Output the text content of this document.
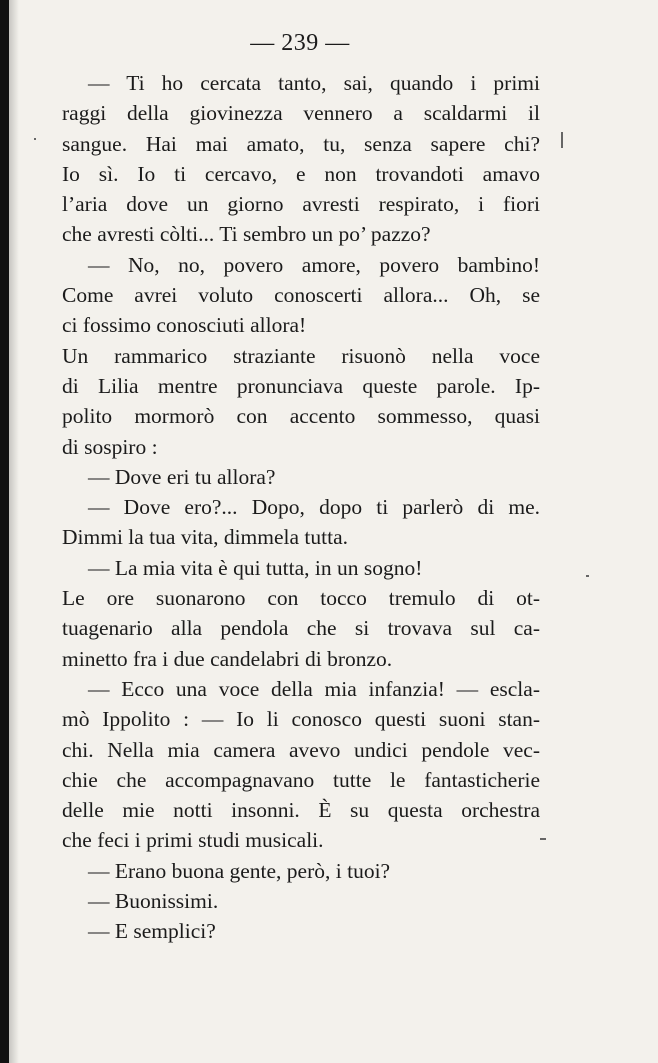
— 239 —
— Ti ho cercata tanto, sai, quando i primi
raggi della giovinezza vennero a scaldarmi il
sangue. Hai mai amato, tu, senza sapere chi?
Io sì. Io ti cercavo, e non trovandoti amavo
l’aria dove un giorno avresti respirato, i fiori
che avresti còlti... Ti sembro un po’ pazzo?
— No, no, povero amore, povero bambino!
Come avrei voluto conoscerti allora... Oh, se
ci fossimo conosciuti allora!
Un rammarico straziante risuonò nella voce
di Lilia mentre pronunciava queste parole. Ip-
polito mormorò con accento sommesso, quasi
di sospiro :
— Dove eri tu allora?
— Dove ero?... Dopo, dopo ti parlerò di me.
Dimmi la tua vita, dimmela tutta.
— La mia vita è qui tutta, in un sogno!
Le ore suonarono con tocco tremulo di ot-
tuagenario alla pendola che si trovava sul ca-
minetto fra i due candelabri di bronzo.
— Ecco una voce della mia infanzia! — escla-
mò Ippolito : — Io li conosco questi suoni stan-
chi. Nella mia camera avevo undici pendole vec-
chie che accompagnavano tutte le fantasticherie
delle mie notti insonni. È su questa orchestra
che feci i primi studi musicali.
— Erano buona gente, però, i tuoi?
— Buonissimi.
— E semplici?
